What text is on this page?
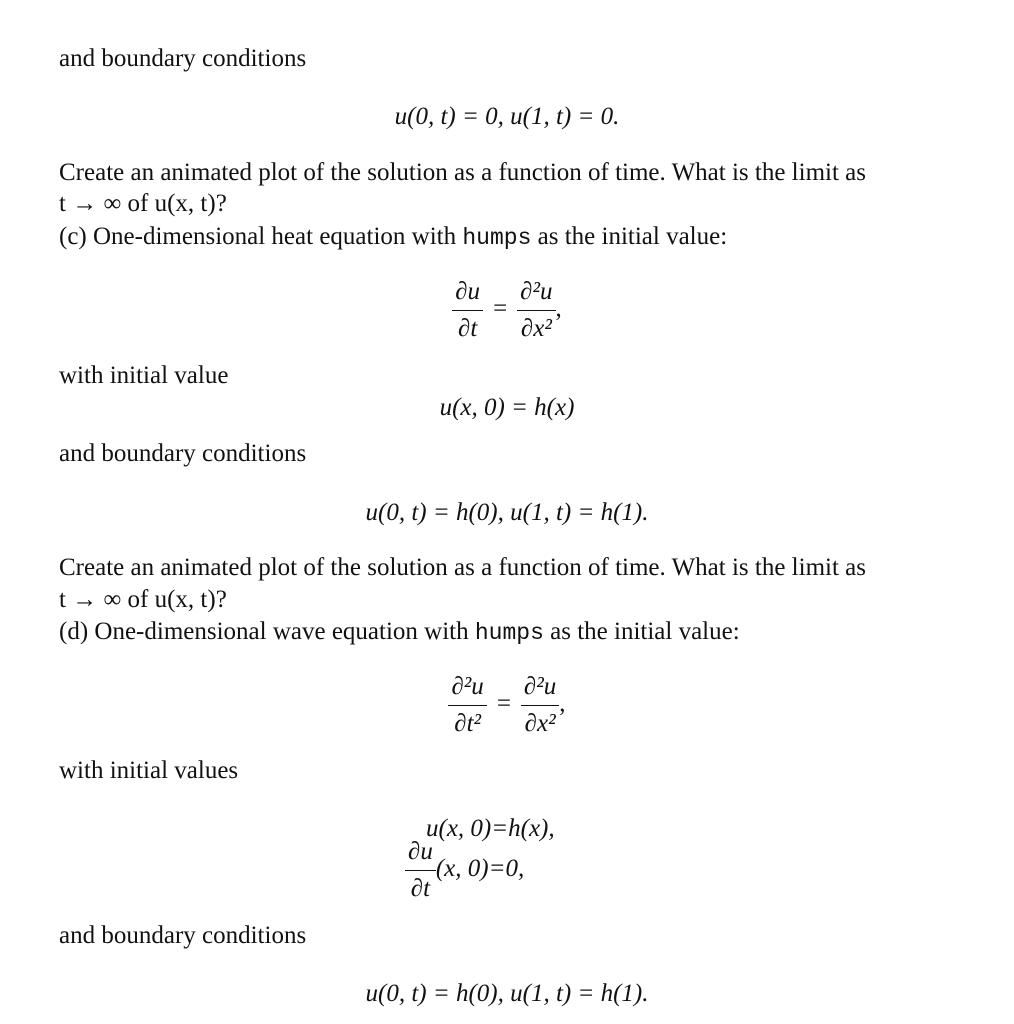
and boundary conditions
u(0, t) = 0, u(1, t) = 0.
Create an animated plot of the solution as a function of time. What is the limit as
t → ∞ of u(x, t)?
(c) One-dimensional heat equation with humps as the initial value:
$\frac{\partial u}{\partial t} = \frac{\text{∂²u}}{\text{∂x²}}$ ,
with initial value
u(x, 0) = h(x)
and boundary conditions
u(0, t) = h(0), u(1, t) = h(1).
Create an animated plot of the solution as a function of time. What is the limit as
t → ∞ of u(x, t)?
(d) One-dimensional wave equation with humps as the initial value:
$\frac{\text{∂²u}}{\text{∂t²}} = \frac{\text{∂²u}}{\text{∂x²}}$ ,
with initial values
u(x, 0)=h(x),
$\frac{\partial u}{\partial t} (x$, 0)=0,
and boundary conditions
u(0, t) = h(0), u(1, t) = h(1).
